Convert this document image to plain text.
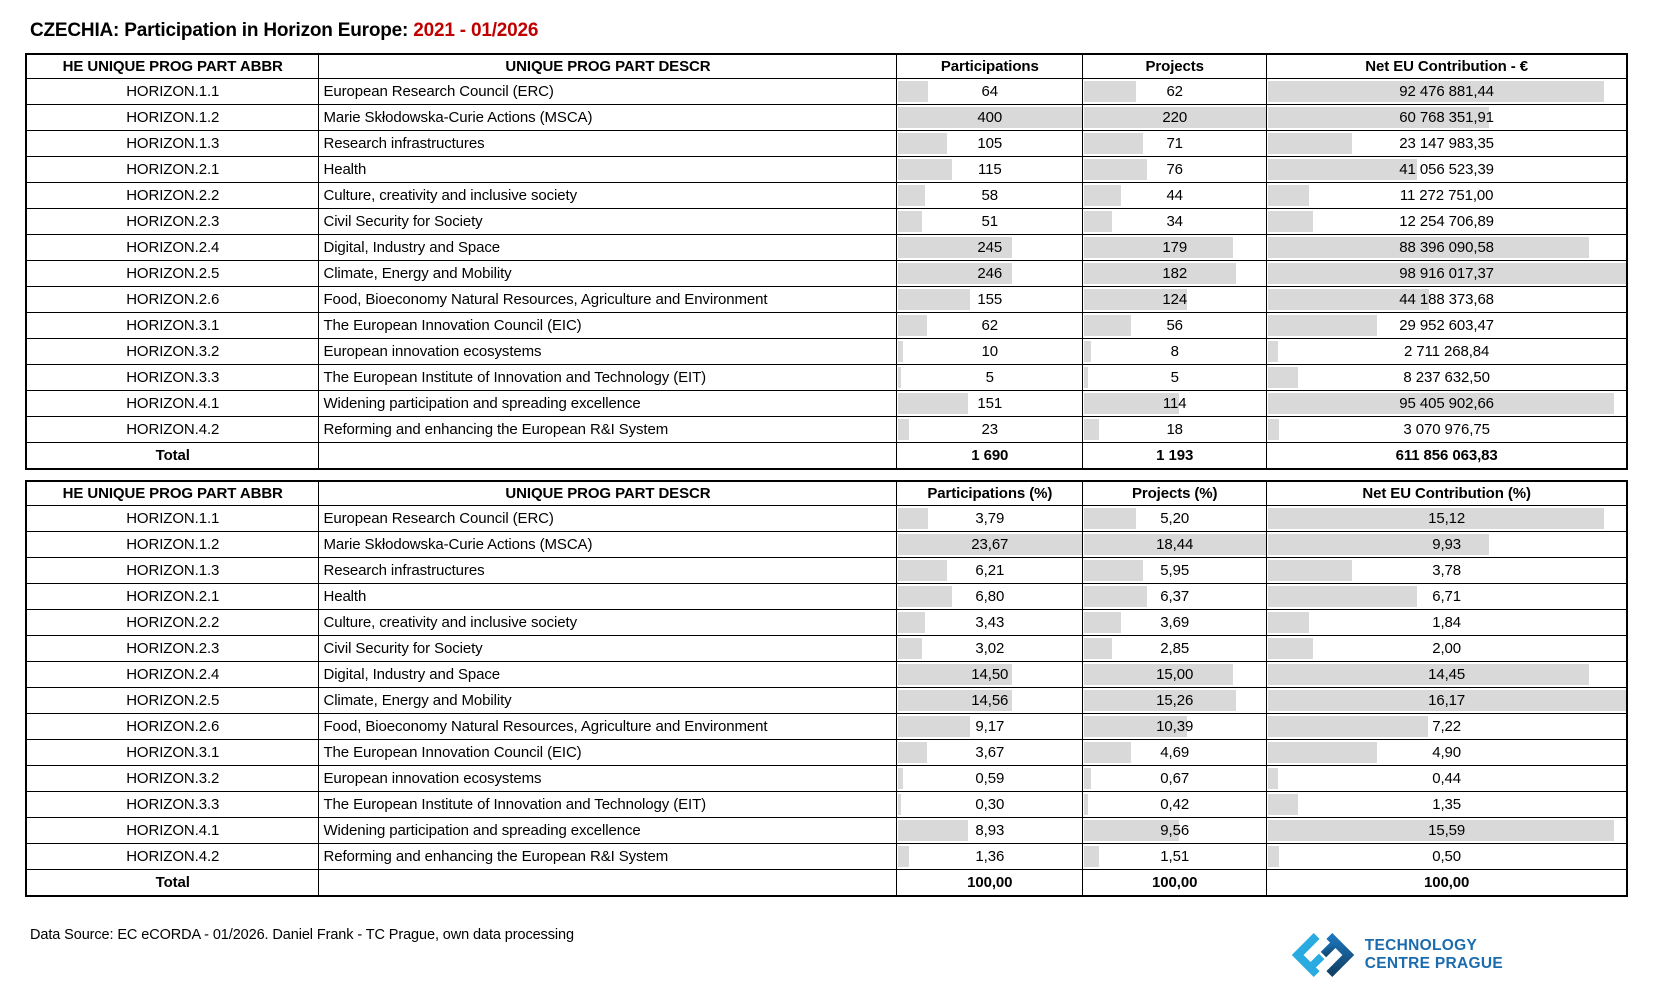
CZECHIA: Participation in Horizon Europe: 2021 - 01/2026
HE UNIQUE PROG PART ABBR	UNIQUE PROG PART DESCR	Participations	Projects	Net EU Contribution - €
HORIZON.1.1	European Research Council (ERC)	64	62	92 476 881,44
HORIZON.1.2	Marie Skłodowska-Curie Actions (MSCA)	400	220	60 768 351,91
HORIZON.1.3	Research infrastructures	105	71	23 147 983,35
HORIZON.2.1	Health	115	76	41 056 523,39
HORIZON.2.2	Culture, creativity and inclusive society	58	44	11 272 751,00
HORIZON.2.3	Civil Security for Society	51	34	12 254 706,89
HORIZON.2.4	Digital, Industry and Space	245	179	88 396 090,58
HORIZON.2.5	Climate, Energy and Mobility	246	182	98 916 017,37
HORIZON.2.6	Food, Bioeconomy Natural Resources, Agriculture and Environment	155	124	44 188 373,68
HORIZON.3.1	The European Innovation Council (EIC)	62	56	29 952 603,47
HORIZON.3.2	European innovation ecosystems	10	8	2 711 268,84
HORIZON.3.3	The European Institute of Innovation and Technology (EIT)	5	5	8 237 632,50
HORIZON.4.1	Widening participation and spreading excellence	151	114	95 405 902,66
HORIZON.4.2	Reforming and enhancing the European R&I System	23	18	3 070 976,75
Total		1 690	1 193	611 856 063,83
HE UNIQUE PROG PART ABBR	UNIQUE PROG PART DESCR	Participations (%)	Projects (%)	Net EU Contribution (%)
HORIZON.1.1	European Research Council (ERC)	3,79	5,20	15,12
HORIZON.1.2	Marie Skłodowska-Curie Actions (MSCA)	23,67	18,44	9,93
HORIZON.1.3	Research infrastructures	6,21	5,95	3,78
HORIZON.2.1	Health	6,80	6,37	6,71
HORIZON.2.2	Culture, creativity and inclusive society	3,43	3,69	1,84
HORIZON.2.3	Civil Security for Society	3,02	2,85	2,00
HORIZON.2.4	Digital, Industry and Space	14,50	15,00	14,45
HORIZON.2.5	Climate, Energy and Mobility	14,56	15,26	16,17
HORIZON.2.6	Food, Bioeconomy Natural Resources, Agriculture and Environment	9,17	10,39	7,22
HORIZON.3.1	The European Innovation Council (EIC)	3,67	4,69	4,90
HORIZON.3.2	European innovation ecosystems	0,59	0,67	0,44
HORIZON.3.3	The European Institute of Innovation and Technology (EIT)	0,30	0,42	1,35
HORIZON.4.1	Widening participation and spreading excellence	8,93	9,56	15,59
HORIZON.4.2	Reforming and enhancing the European R&I System	1,36	1,51	0,50
Total		100,00	100,00	100,00
Data Source: EC eCORDA - 01/2026. Daniel Frank - TC Prague, own data processing
TECHNOLOGY
CENTRE PRAGUE
